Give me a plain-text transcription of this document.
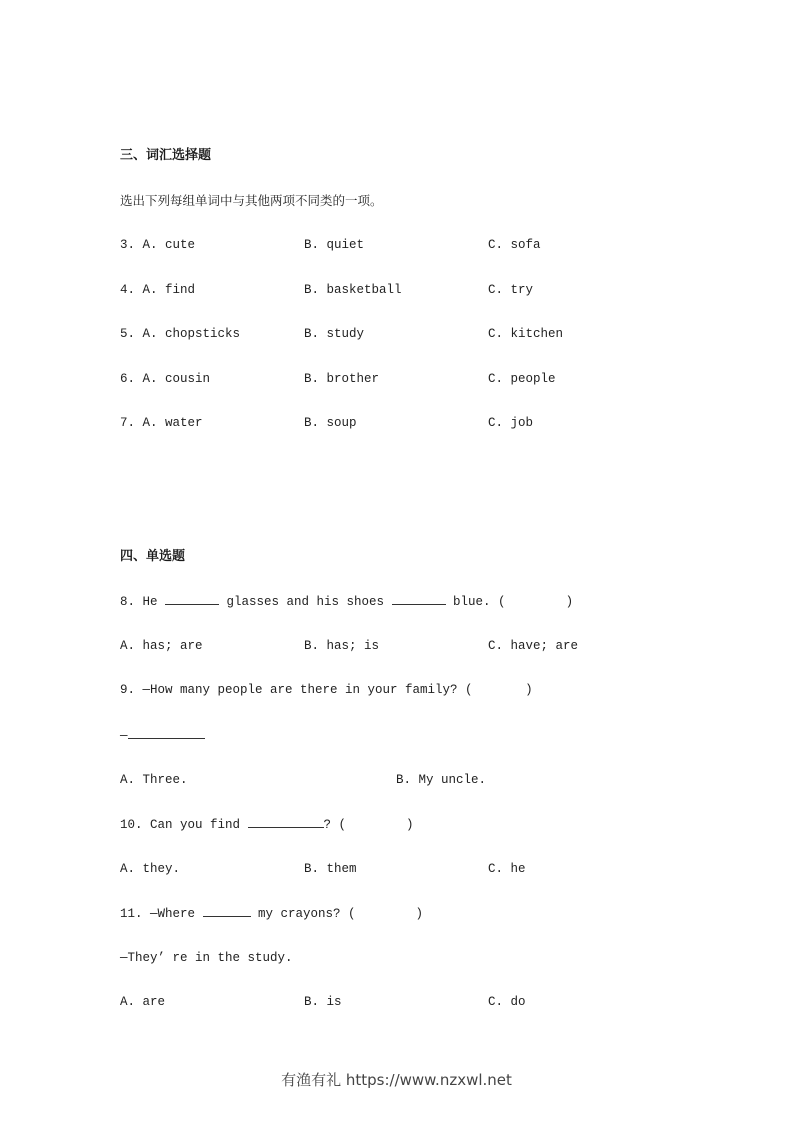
三、词汇选择题
选出下列每组单词中与其他两项不同类的一项。
3. A. cute	B. quiet	C. sofa
4. A. find	B. basketball	C. try
5. A. chopsticks	B. study	C. kitchen
6. A. cousin	B. brother	C. people
7. A. water	B. soup	C. job
四、单选题
8. He	glasses and his shoes	blue. (        )
A. has; are	B. has; is	C. have; are
9. —How many people are there in your family? (       )
—
A. Three.	B. My uncle.
10. Can you find	? (        )
A. they.	B. them	C. he
11. —Where	my crayons? (        )
—They’ re in the study.
A. are	B. is	C. do
有渔有礼 https://www.nzxwl.net
